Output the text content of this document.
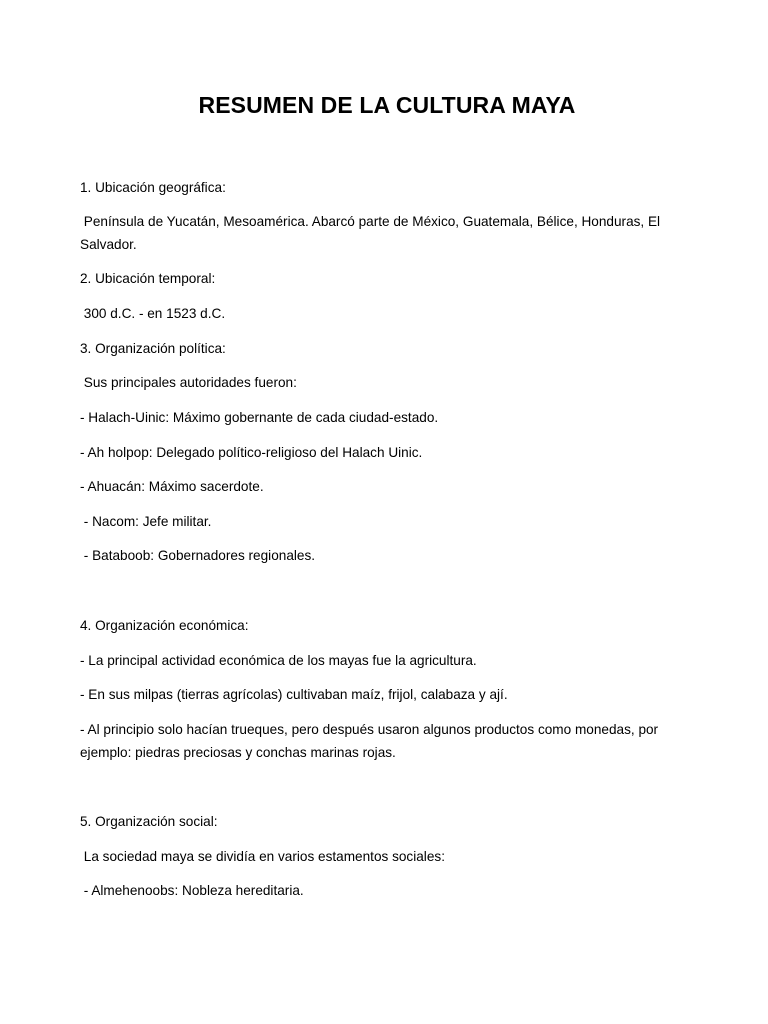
RESUMEN DE LA CULTURA MAYA
1. Ubicación geográfica:
Península de Yucatán, Mesoamérica. Abarcó parte de México, Guatemala, Bélice, Honduras, El Salvador.
2. Ubicación temporal:
300 d.C. - en 1523 d.C.
3. Organización política:
Sus principales autoridades fueron:
- Halach-Uinic: Máximo gobernante de cada ciudad-estado.
- Ah holpop: Delegado político-religioso del Halach Uinic.
- Ahuacán: Máximo sacerdote.
- Nacom: Jefe militar.
- Bataboob: Gobernadores regionales.
4. Organización económica:
- La principal actividad económica de los mayas fue la agricultura.
- En sus milpas (tierras agrícolas) cultivaban maíz, frijol, calabaza y ají.
- Al principio solo hacían trueques, pero después usaron algunos productos como monedas, por ejemplo: piedras preciosas y conchas marinas rojas.
5. Organización social:
La sociedad maya se dividía en varios estamentos sociales:
- Almehenoobs: Nobleza hereditaria.
